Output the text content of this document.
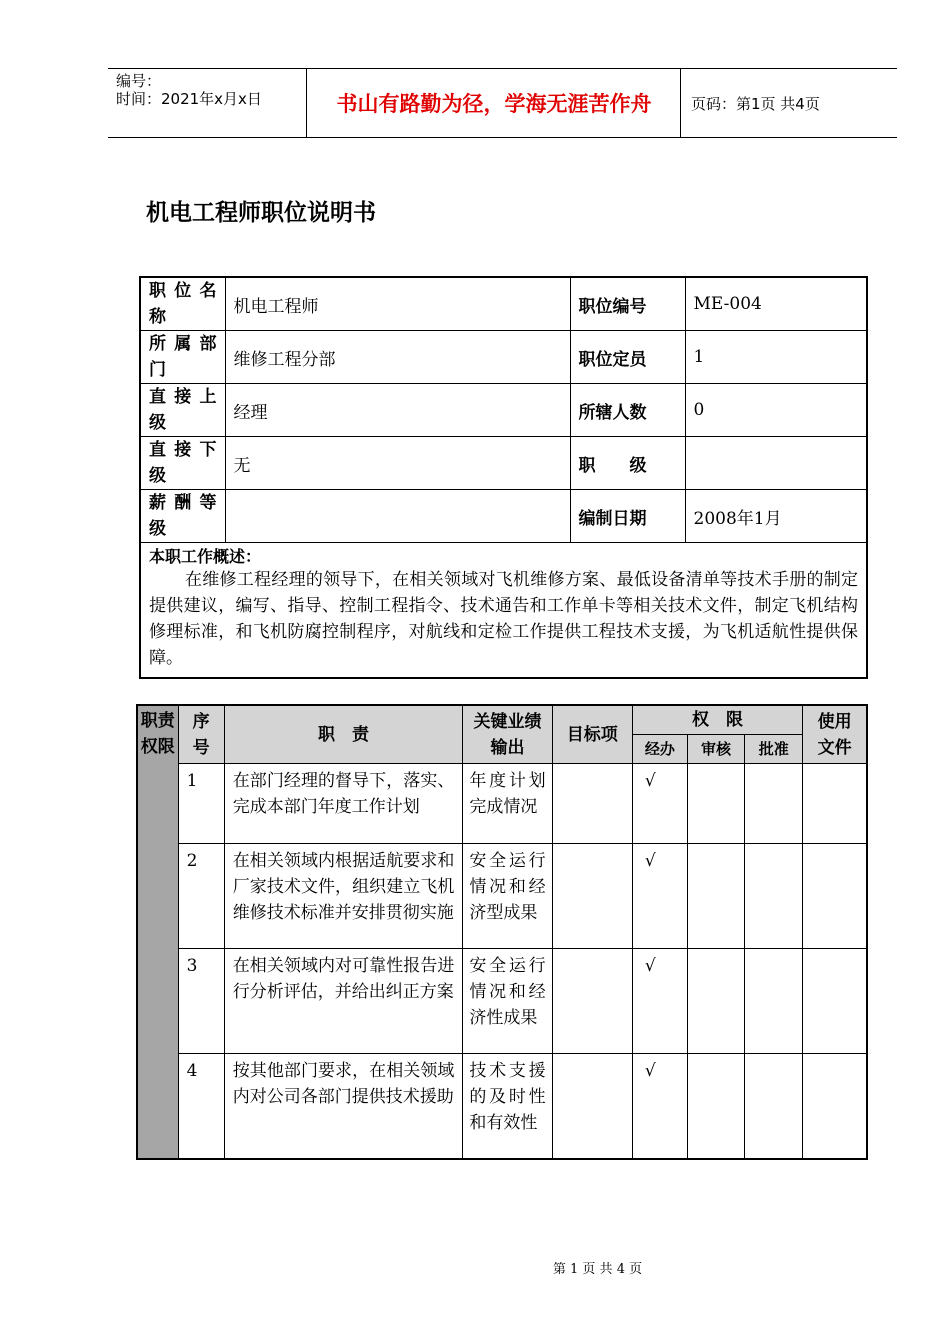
编号：
时间：2021年x月x日	书山有路勤为径，学海无涯苦作舟	页码：第1页 共4页
机电工程师职位说明书
职位名称	机电工程师	职位编号	ME-004
所属部门	维修工程分部	职位定员	1
直接上级	经理	所辖人数	0
直接下级	无	职　　级	
薪酬等级		编制日期	2008年1月

本职工作概述：
在维修工程经理的领导下，在相关领域对飞机维修方案、最低设备清单等技术手册的制定提供建议，编写、指导、控制工程指令、技术通告和工作单卡等相关技术文件，制定飞机结构修理标准，和飞机防腐控制程序，对航线和定检工作提供工程技术支援，为飞机适航性提供保障。			
职责权限	序号	职　责	关键业绩输出	目标项	权　限			使用文件
					经办	审核	批准	
	1	在部门经理的督导下，落实、完成本部门年度工作计划	年度计划完成情况		√			
	2	在相关领域内根据适航要求和厂家技术文件，组织建立飞机维修技术标准并安排贯彻实施	安全运行情况和经济型成果		√			
	3	在相关领域内对可靠性报告进行分析评估，并给出纠正方案	安全运行情况和经济性成果		√			
	4	按其他部门要求，在相关领域内对公司各部门提供技术援助	技术支援的及时性和有效性		√			
第 1 页 共 4 页
